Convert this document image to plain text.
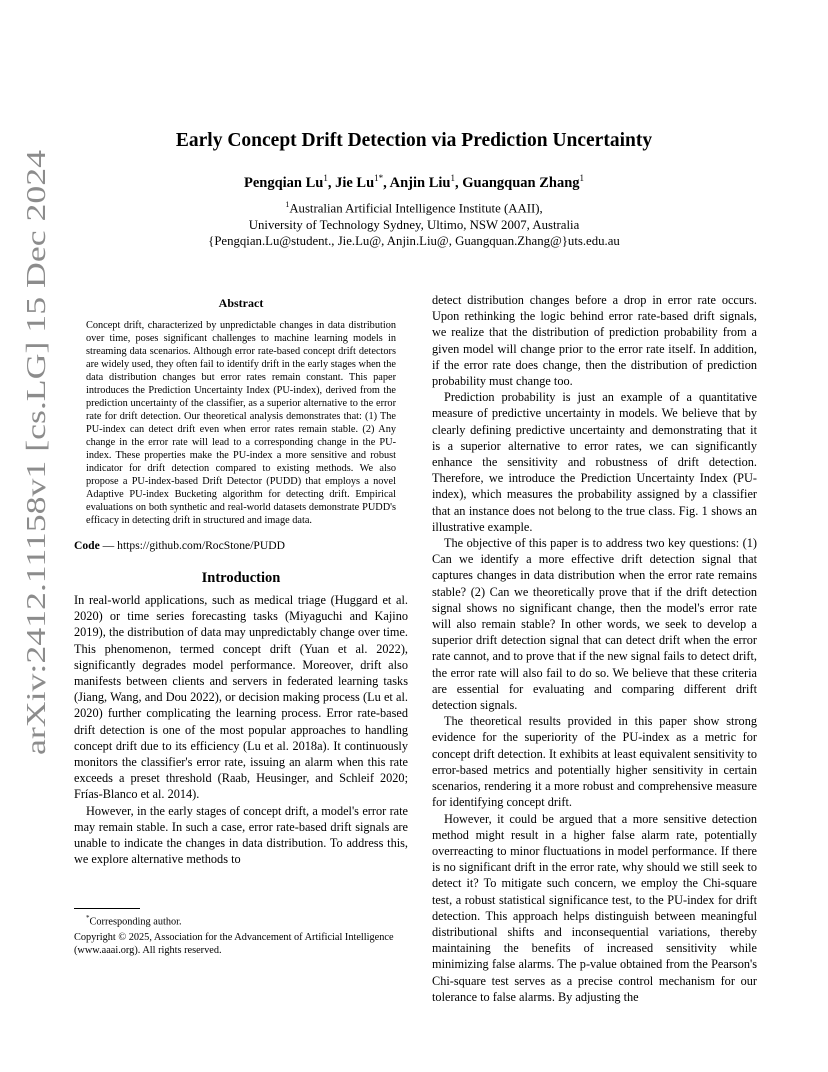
arXiv:2412.11158v1 [cs.LG] 15 Dec 2024
Early Concept Drift Detection via Prediction Uncertainty
Pengqian Lu$^1$, Jie $Lu^{1*}$, Anjin Liu$^1$, Guangquan Zhang$^1$
$^1$Australian Artificial Intelligence Institute (AAII),
University of Technology Sydney, Ultimo, NSW 2007, Australia
{Pengqian.Lu@student., Jie.Lu@, Anjin.Liu@, Guangquan.Zhang@}uts.edu.au
Abstract

Concept drift, characterized by unpredictable changes in data distribution over time, poses significant challenges to machine learning models in streaming data scenarios. Although error rate-based concept drift detectors are widely used, they often fail to identify drift in the early stages when the data distribution changes but error rates remain constant. This paper introduces the Prediction Uncertainty Index (PU-index), derived from the prediction uncertainty of the classifier, as a superior alternative to the error rate for drift detection. Our theoretical analysis demonstrates that: (1) The PU-index can detect drift even when error rates remain stable. (2) Any change in the error rate will lead to a corresponding change in the PU-index. These properties make the PU-index a more sensitive and robust indicator for drift detection compared to existing methods. We also propose a PU-index-based Drift Detector (PUDD) that employs a novel Adaptive PU-index Bucketing algorithm for detecting drift. Empirical evaluations on both synthetic and real-world datasets demonstrate PUDD's efficacy in detecting drift in structured and image data.

Code — https://github.com/RocStone/PUDD

Introduction

In real-world applications, such as medical triage (Huggard et al. 2020) or time series forecasting tasks (Miyaguchi and Kajino 2019), the distribution of data may unpredictably change over time. This phenomenon, termed concept drift (Yuan et al. 2022), significantly degrades model performance. Moreover, drift also manifests between clients and servers in federated learning tasks (Jiang, Wang, and Dou 2022), or decision making process (Lu et al. 2020) further complicating the learning process. Error rate-based drift detection is one of the most popular approaches to handling concept drift due to its efficiency (Lu et al. 2018a). It continuously monitors the classifier's error rate, issuing an alarm when this rate exceeds a preset threshold (Raab, Heusinger, and Schleif 2020; Frías-Blanco et al. 2014).

However, in the early stages of concept drift, a model's error rate may remain stable. In such a case, error rate-based drift signals are unable to indicate the changes in data distribution. To address this, we explore alternative methods to

detect distribution changes before a drop in error rate occurs. Upon rethinking the logic behind error rate-based drift signals, we realize that the distribution of prediction probability from a given model will change prior to the error rate itself. In addition, if the error rate does change, then the distribution of prediction probability must change too.

Prediction probability is just an example of a quantitative measure of predictive uncertainty in models. We believe that by clearly defining predictive uncertainty and demonstrating that it is a superior alternative to error rates, we can significantly enhance the sensitivity and robustness of drift detection. Therefore, we introduce the Prediction Uncertainty Index (PU-index), which measures the probability assigned by a classifier that an instance does not belong to the true class. Fig. 1 shows an illustrative example.

The objective of this paper is to address two key questions: (1) Can we identify a more effective drift detection signal that captures changes in data distribution when the error rate remains stable? (2) Can we theoretically prove that if the drift detection signal shows no significant change, then the model's error rate will also remain stable? In other words, we seek to develop a superior drift detection signal that can detect drift when the error rate cannot, and to prove that if the new signal fails to detect drift, the error rate will also fail to do so. We believe that these criteria are essential for evaluating and comparing different drift detection signals.

The theoretical results provided in this paper show strong evidence for the superiority of the PU-index as a metric for concept drift detection. It exhibits at least equivalent sensitivity to error-based metrics and potentially higher sensitivity in certain scenarios, rendering it a more robust and comprehensive measure for identifying concept drift.

However, it could be argued that a more sensitive detection method might result in a higher false alarm rate, potentially overreacting to minor fluctuations in model performance. If there is no significant drift in the error rate, why should we still seek to detect it? To mitigate such concern, we employ the Chi-square test, a robust statistical significance test, to the PU-index for drift detection. This approach helps distinguish between meaningful distributional shifts and inconsequential variations, thereby maintaining the benefits of increased sensitivity while minimizing false alarms. The p-value obtained from the Pearson's Chi-square test serves as a precise control mechanism for our tolerance to false alarms. By adjusting the

*Corresponding author.

Copyright © 2025, Association for the Advancement of Artificial Intelligence (www.aaai.org). All rights reserved.
